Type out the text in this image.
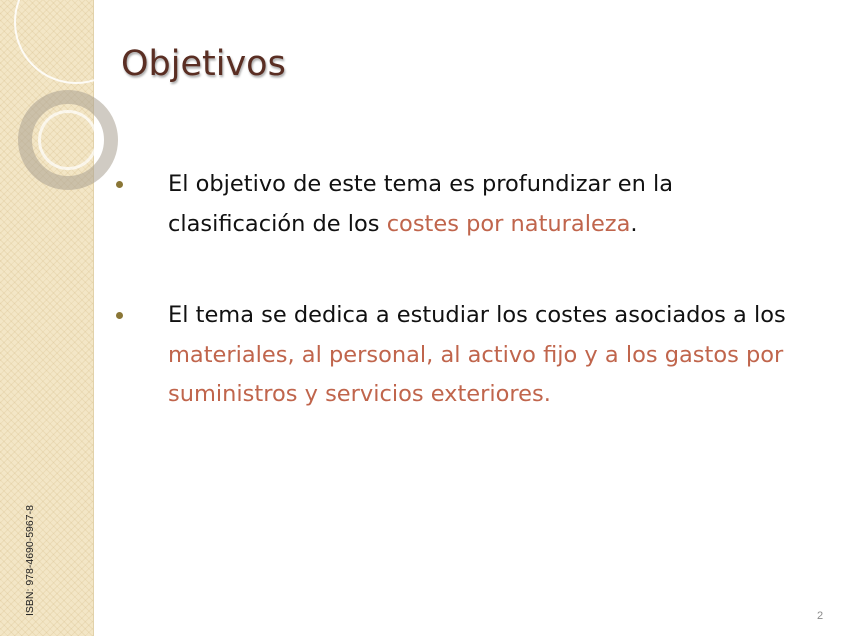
ISBN: 978-4690-5967-8
Objetivos
El objetivo de este tema es profundizar en la clasificación de los costes por naturaleza.
El tema se dedica a estudiar los costes asociados a los materiales, al personal, al activo fijo y a los gastos por suministros y servicios exteriores.
2
